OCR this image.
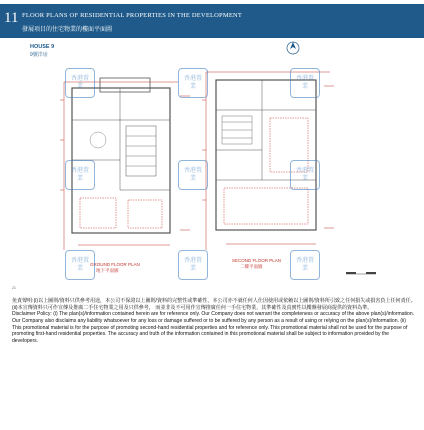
11 FLOOR PLANS OF RESIDENTIAL PROPERTIES IN THE DEVELOPMENT
發展項目的住宅物業的樓面平面圖
HOUSE 9
9號洋房
GROUND FLOOR PLAN
地下平面圖
SECOND FLOOR PLAN
二樓平面圖
21
香港置業
香港置業
香港置業
香港置業
香港置業
香港置業
香港置業
香港置業
香港置業

免責聲明:(i)以上圖則/資料只供參考用途，本公司不保證以上圖則/資料的完整性或準確性，本公司亦不就任何人仕因使用或依賴以上圖則/資料所引致之任何損失或損害負上任何責任。(ii)本宣傳資料只可作宣傳及推廣二手住宅物業之用及只供參考， 而並非及不可用作宣傳推廣任何一手住宅物業，其準確性及真實性以樓盤發展商提供的資料為準。

Disclaimer Policy: (i) The plan(s)/information contained herein are for reference only. Our Company does not warrant the completeness or accuracy of the above plan(s)/information. Our Company also disclaims any liability whatsoever for any loss or damage suffered or to be suffered by any person as a result of using or relying on the plan(s)/information. (ii) This promotional material is for the purpose of promoting second-hand residential properties and for reference only. This promotional material shall not be used for the purpose of promoting first-hand residential properties. The accuracy and truth of the information contained in this promotional material shall be subject to information provided by the developers.
